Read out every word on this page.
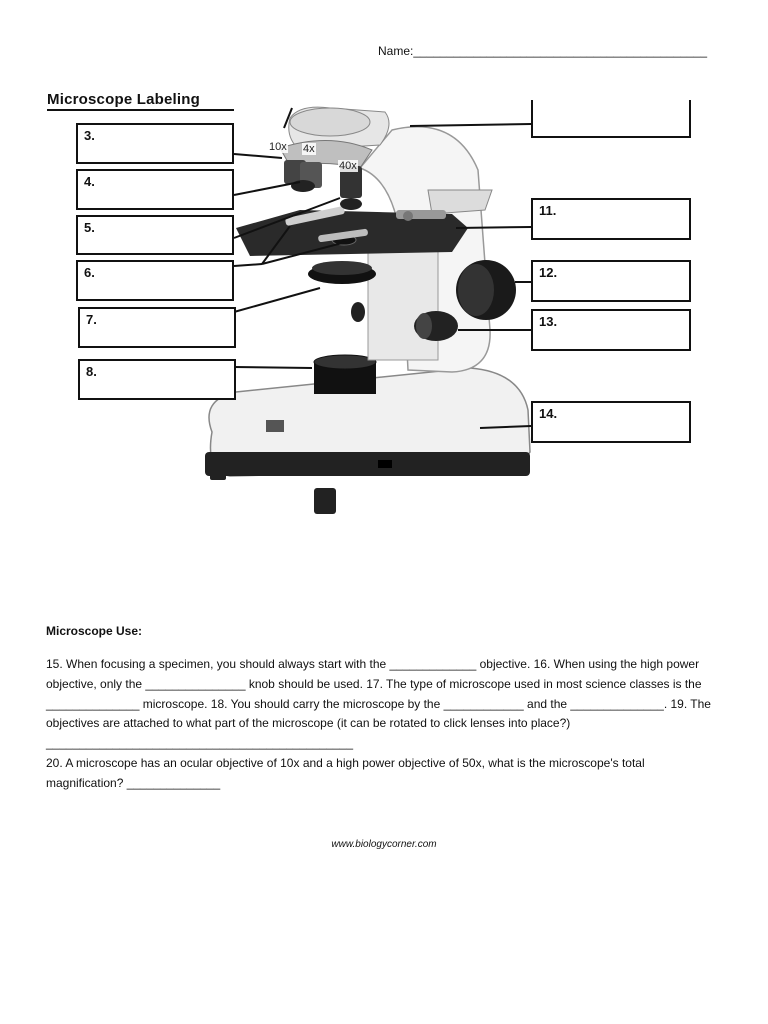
Name:____________________________________________
Microscope Labeling
3.
4.
5.
6.
7.
8.
11.
12.
13.
14.
10x 4x
40x
Microscope Use:
15. When focusing a specimen, you should always start with the _____________ objective. 16. When using the high power objective, only the _______________ knob should be used. 17. The type of microscope used in most science classes is the ______________ microscope. 18. You should carry the microscope by the ____________ and the ______________. 19. The objectives are attached to what part of the microscope (it can be rotated to click lenses into place?) ______________________________________________
20. A microscope has an ocular objective of 10x and a high power objective of 50x, what is the microscope's total magnification? ______________
www.biologycorner.com
